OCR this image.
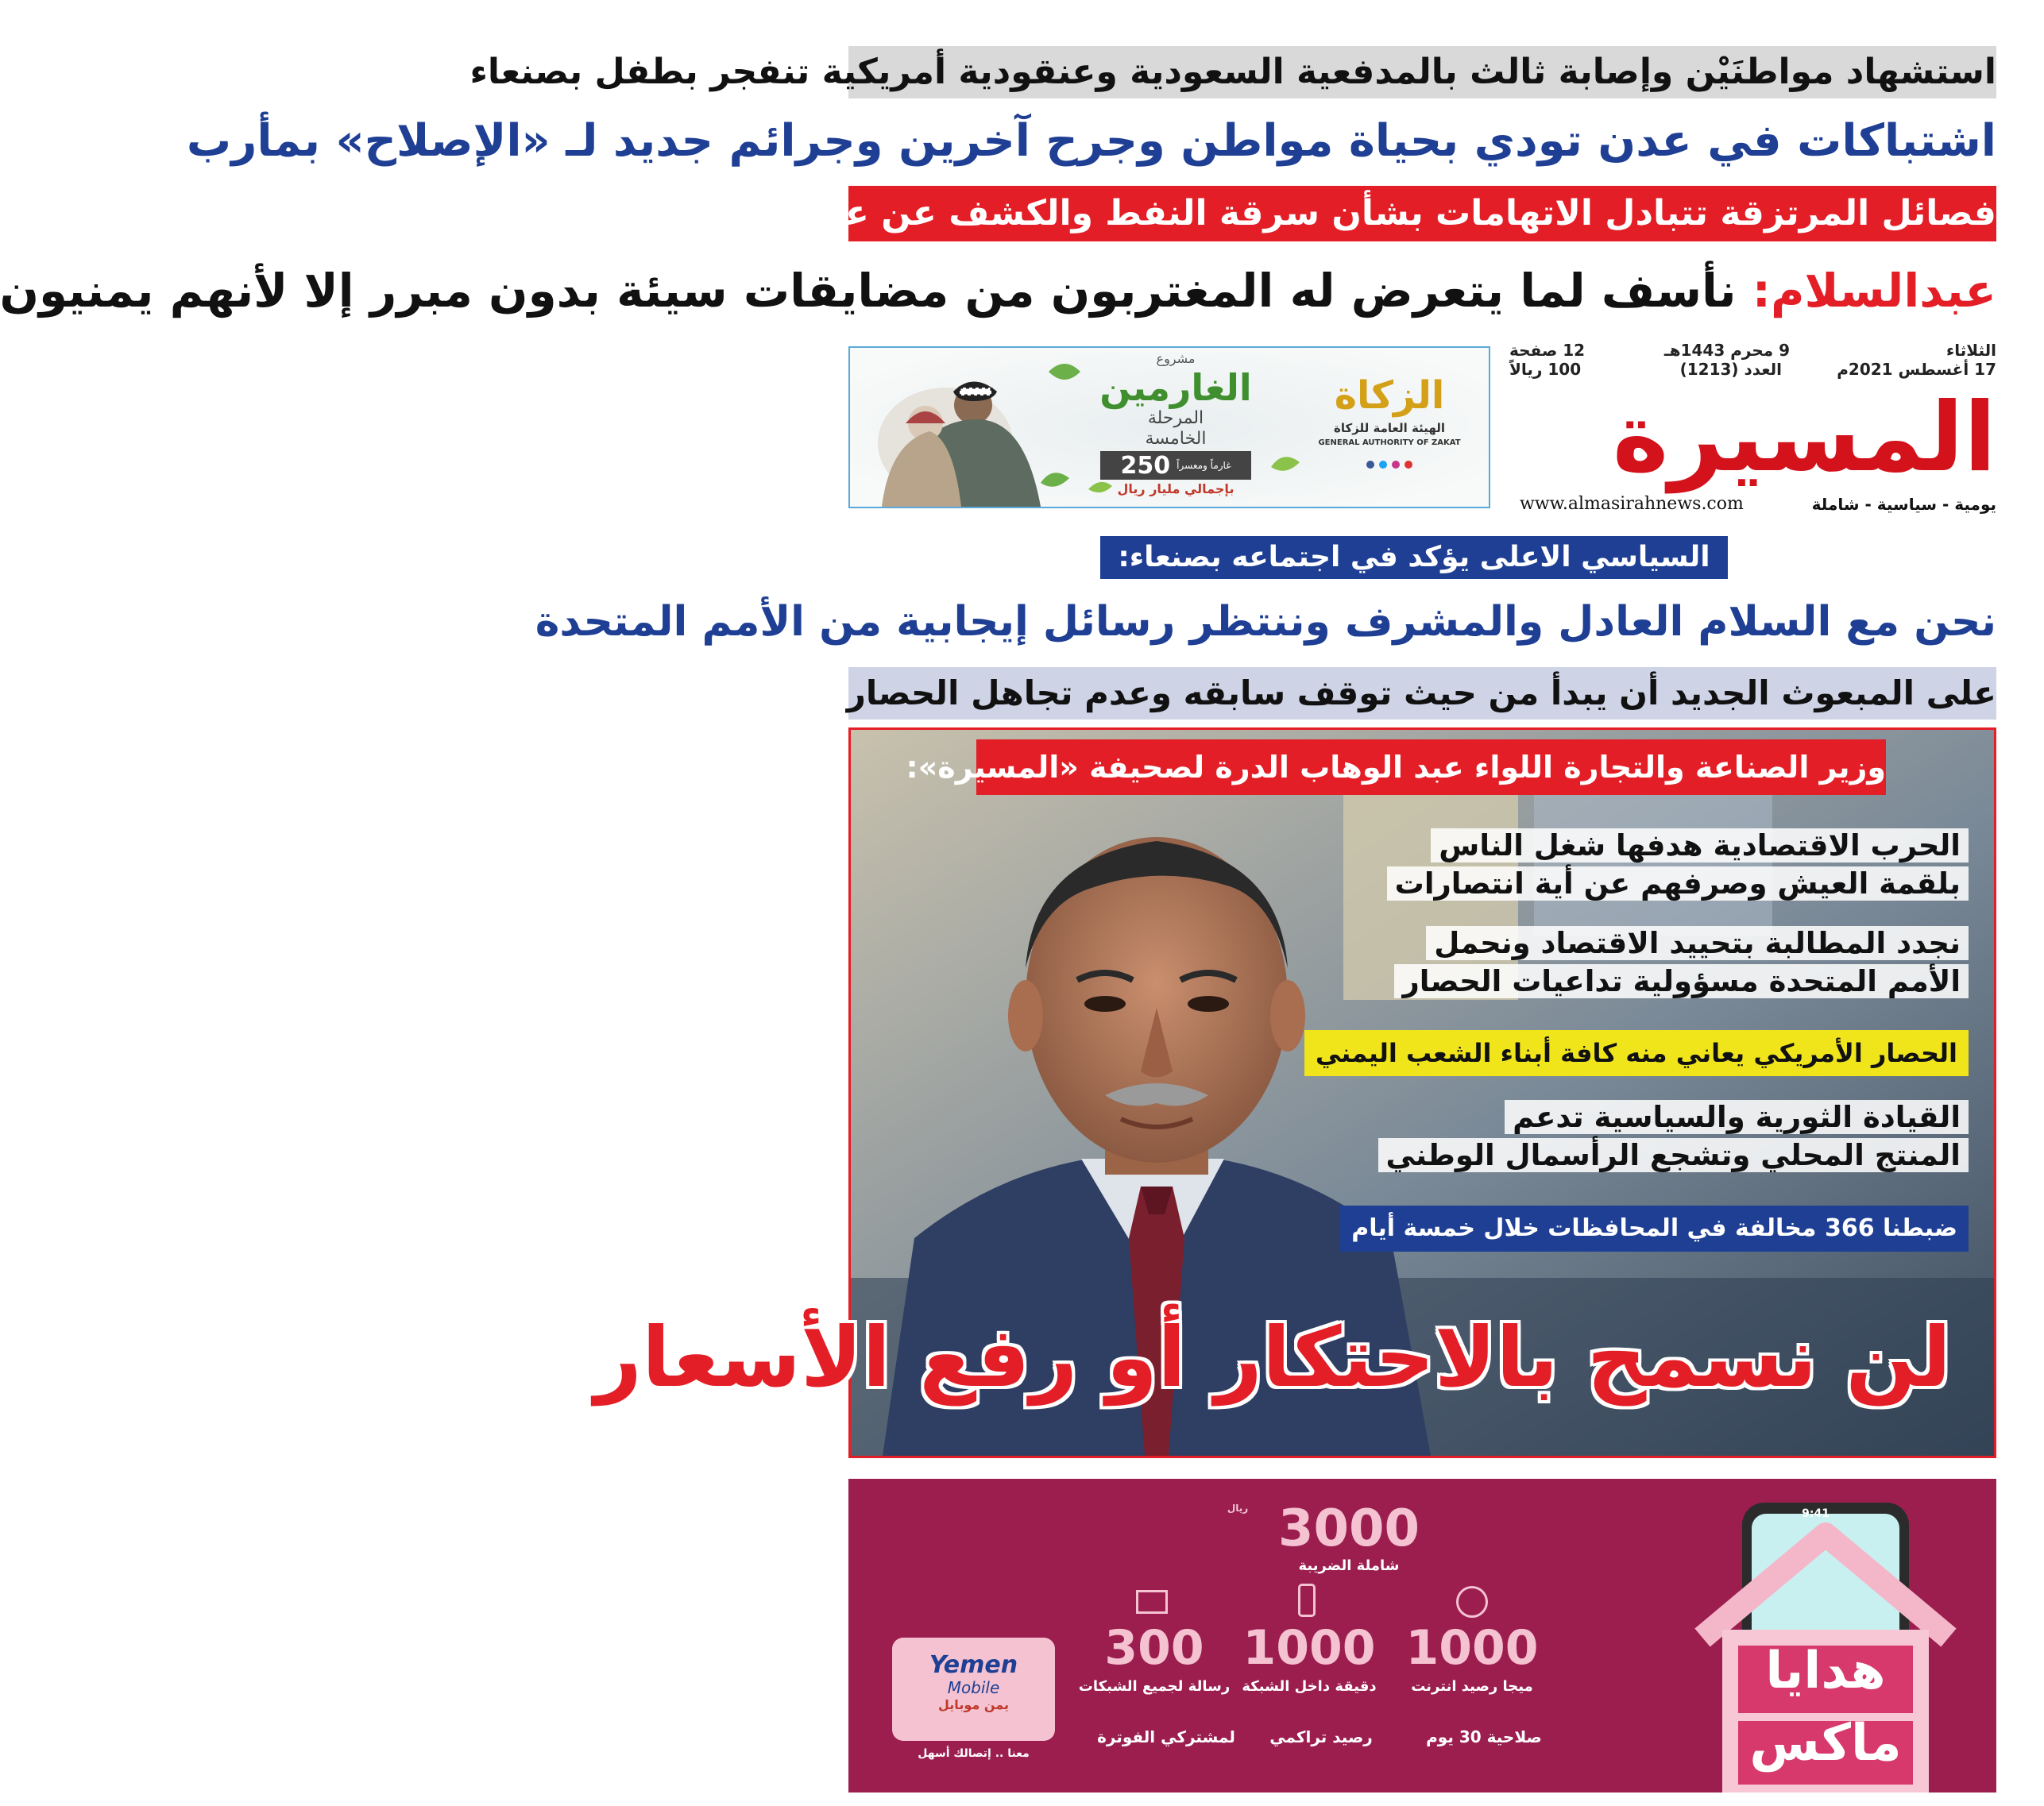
استشهاد مواطنَيْن وإصابة ثالث بالمدفعية السعودية وعنقودية أمريكية تنفجر بطفل بصنعاء
اشتباكات في عدن تودي بحياة مواطن وجرح آخرين وجرائم جديد لـ «الإصلاح» بمأرب
فصائل المرتزقة تتبادل الاتهامات بشأن سرقة النفط والكشف عن عمليات نهب كبرى
عبدالسلام: نأسف لما يتعرض له المغتربون من مضايقات سيئة بدون مبرر إلا لأنهم يمنيون
الثلاثاء
17 أغسطس 2021م
9 محرم 1443هـ
العدد (1213)
12 صفحة
100 ريالاً
المسيرة
يومية - سياسية - شاملة
www.almasirahnews.com
الزكاة
الهيئة العامة للزكاة
GENERAL AUTHORITY OF ZAKAT
مشروع
الغارمين
المرحلة
الخامسة
غارماً ومعسراً
250
بإجمالي مليار ريال
السياسي الاعلى يؤكد في اجتماعه بصنعاء:
نحن مع السلام العادل والمشرف وننتظر رسائل إيجابية من الأمم المتحدة
على المبعوث الجديد أن يبدأ من حيث توقف سابقه وعدم تجاهل الحصار
وزير الصناعة والتجارة اللواء عبد الوهاب الدرة لصحيفة «المسيرة»:
الحرب الاقتصادية هدفها شغل الناس
بلقمة العيش وصرفهم عن أية انتصارات
نجدد المطالبة بتحييد الاقتصاد ونحمل
الأمم المتحدة مسؤولية تداعيات الحصار
الحصار الأمريكي يعاني منه كافة أبناء الشعب اليمني
القيادة الثورية والسياسية تدعم
المنتج المحلي وتشجع الرأسمال الوطني
ضبطنا 366 مخالفة في المحافظات خلال خمسة أيام
لن نسمح بالاحتكار أو رفع الأسعار
9:41
هدايا
ماكس
3000
ريال
شاملة الضريبة
1000
ميجا رصيد انترنت
1000
دقيقة داخل الشبكة
300
رسالة لجميع الشبكات
صلاحية 30 يوم
رصيد تراكمي
لمشتركي الفوترة
Yemen
Mobile
يمن موبايل
معنا .. إتصالك أسهل
